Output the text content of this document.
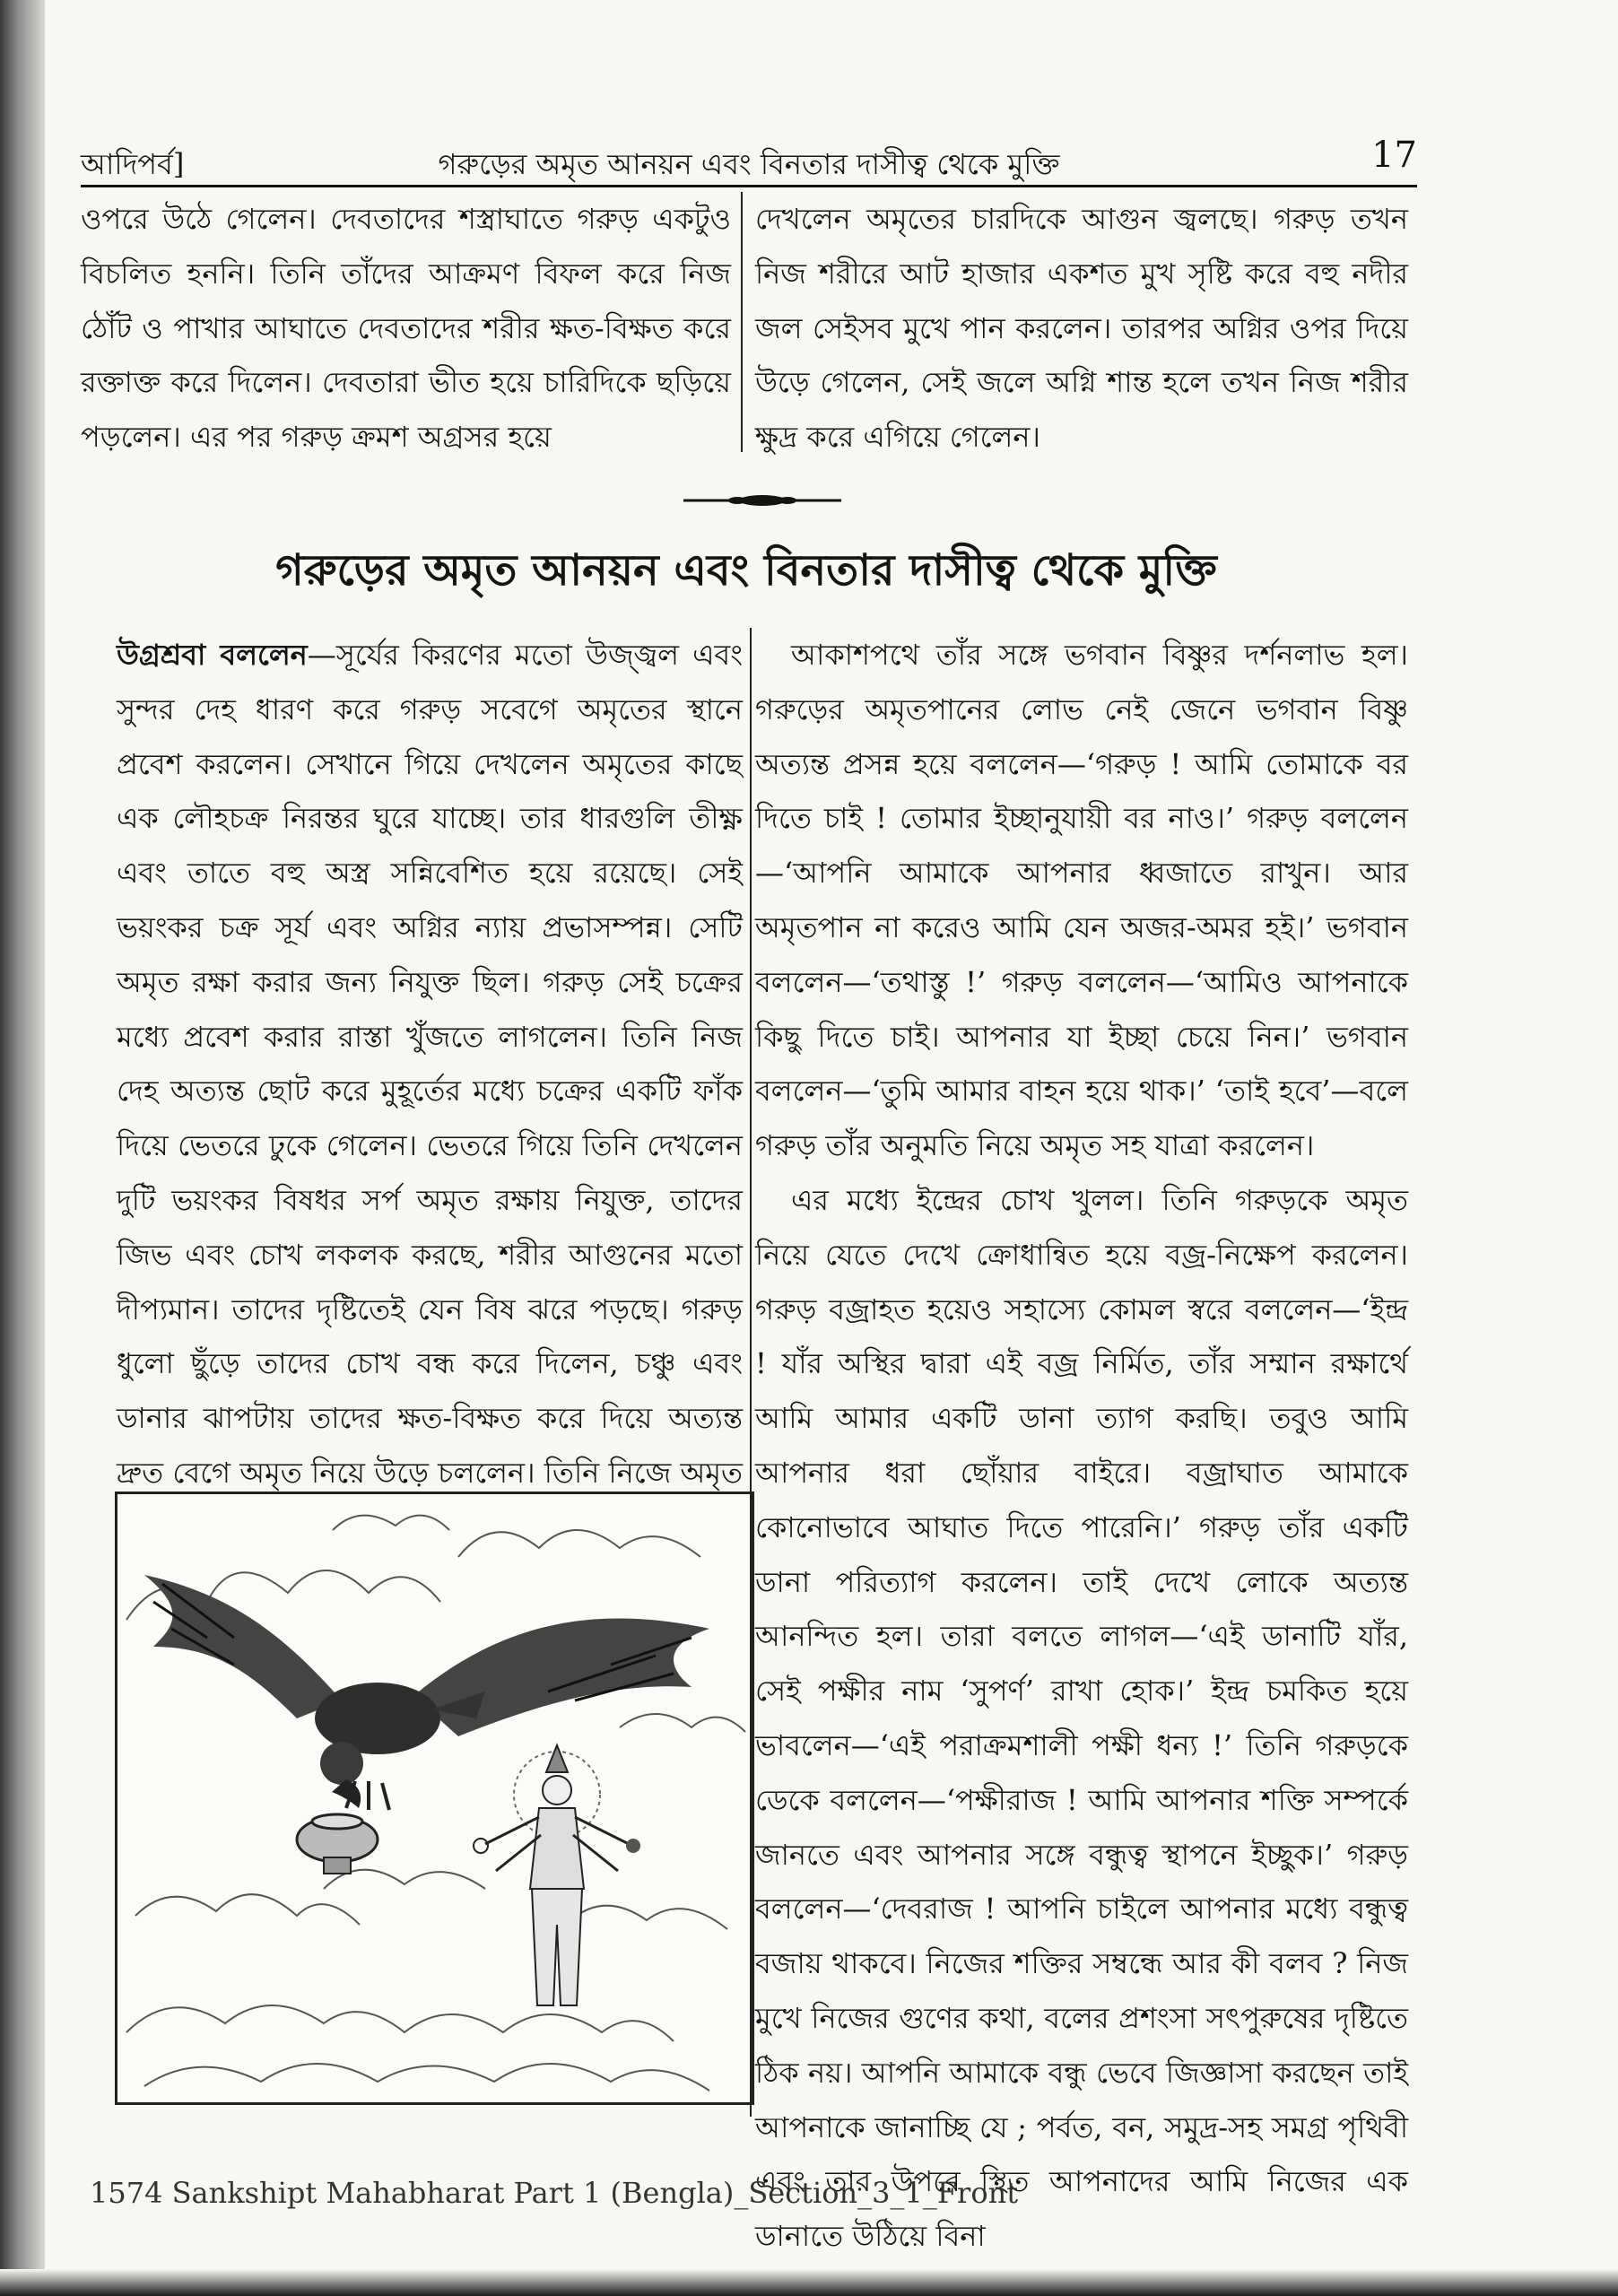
আদিপর্ব]	গরুড়ের অমৃত আনয়ন এবং বিনতার দাসীত্ব থেকে মুক্তি	17

ওপরে উঠে গেলেন। দেবতাদের শস্ত্রাঘাতে গরুড় একটুও বিচলিত হননি। তিনি তাঁদের আক্রমণ বিফল করে নিজ ঠোঁট ও পাখার আঘাতে দেবতাদের শরীর ক্ষত-বিক্ষত করে রক্তাক্ত করে দিলেন। দেবতারা ভীত হয়ে চারিদিকে ছড়িয়ে পড়লেন। এর পর গরুড় ক্রমশ অগ্রসর হয়ে

দেখলেন অমৃতের চারদিকে আগুন জ্বলছে। গরুড় তখন নিজ শরীরে আট হাজার একশত মুখ সৃষ্টি করে বহু নদীর জল সেইসব মুখে পান করলেন। তারপর অগ্নির ওপর দিয়ে উড়ে গেলেন, সেই জলে অগ্নি শান্ত হলে তখন নিজ শরীর ক্ষুদ্র করে এগিয়ে গেলেন।

গরুড়ের অমৃত আনয়ন এবং বিনতার দাসীত্ব থেকে মুক্তি

উগ্রশ্রবা বললেন—সূর্যের কিরণের মতো উজ্জ্বল এবং সুন্দর দেহ ধারণ করে গরুড় সবেগে অমৃতের স্থানে প্রবেশ করলেন। সেখানে গিয়ে দেখলেন অমৃতের কাছে এক লৌহচক্র নিরন্তর ঘুরে যাচ্ছে। তার ধারগুলি তীক্ষ্ণ এবং তাতে বহু অস্ত্র সন্নিবেশিত হয়ে রয়েছে। সেই ভয়ংকর চক্র সূর্য এবং অগ্নির ন্যায় প্রভাসম্পন্ন। সেটি অমৃত রক্ষা করার জন্য নিযুক্ত ছিল। গরুড় সেই চক্রের মধ্যে প্রবেশ করার রাস্তা খুঁজতে লাগলেন। তিনি নিজ দেহ অত্যন্ত ছোট করে মুহূর্তের মধ্যে চক্রের একটি ফাঁক দিয়ে ভেতরে ঢুকে গেলেন। ভেতরে গিয়ে তিনি দেখলেন দুটি ভয়ংকর বিষধর সর্প অমৃত রক্ষায় নিযুক্ত, তাদের জিভ এবং চোখ লকলক করছে, শরীর আগুনের মতো দীপ্যমান। তাদের দৃষ্টিতেই যেন বিষ ঝরে পড়ছে। গরুড় ধুলো ছুঁড়ে তাদের চোখ বন্ধ করে দিলেন, চঞ্চু এবং ডানার ঝাপটায় তাদের ক্ষত-বিক্ষত করে দিয়ে অত্যন্ত দ্রুত বেগে অমৃত নিয়ে উড়ে চললেন। তিনি নিজে অমৃত

আকাশপথে তাঁর সঙ্গে ভগবান বিষ্ণুর দর্শনলাভ হল। গরুড়ের অমৃতপানের লোভ নেই জেনে ভগবান বিষ্ণু অত্যন্ত প্রসন্ন হয়ে বললেন—‘গরুড় ! আমি তোমাকে বর দিতে চাই ! তোমার ইচ্ছানুযায়ী বর নাও।’ গরুড় বললেন—‘আপনি আমাকে আপনার ধ্বজাতে রাখুন। আর অমৃতপান না করেও আমি যেন অজর-অমর হই।’ ভগবান বললেন—‘তথাস্তু !’ গরুড় বললেন—‘আমিও আপনাকে কিছু দিতে চাই। আপনার যা ইচ্ছা চেয়ে নিন।’ ভগবান বললেন—‘তুমি আমার বাহন হয়ে থাক।’ ‘তাই হবে’—বলে গরুড় তাঁর অনুমতি নিয়ে অমৃত সহ যাত্রা করলেন।

এর মধ্যে ইন্দ্রের চোখ খুলল। তিনি গরুড়কে অমৃত নিয়ে যেতে দেখে ক্রোধান্বিত হয়ে বজ্র-নিক্ষেপ করলেন। গরুড় বজ্রাহত হয়েও সহাস্যে কোমল স্বরে বললেন—‘ইন্দ্র ! যাঁর অস্থির দ্বারা এই বজ্র নির্মিত, তাঁর সম্মান রক্ষার্থে আমি আমার একটি ডানা ত্যাগ করছি। তবুও আমি আপনার ধরা ছোঁয়ার বাইরে। বজ্রাঘাত আমাকে কোনোভাবে আঘাত দিতে পারেনি।’ গরুড় তাঁর একটি ডানা পরিত্যাগ করলেন। তাই দেখে লোকে অত্যন্ত আনন্দিত হল। তারা বলতে লাগল—‘এই ডানাটি যাঁর, সেই পক্ষীর নাম ‘সুপর্ণ’ রাখা হোক।’ ইন্দ্র চমকিত হয়ে ভাবলেন—‘এই পরাক্রমশালী পক্ষী ধন্য !’ তিনি গরুড়কে ডেকে বললেন—‘পক্ষীরাজ ! আমি আপনার শক্তি সম্পর্কে জানতে এবং আপনার সঙ্গে বন্ধুত্ব স্থাপনে ইচ্ছুক।’ গরুড় বললেন—‘দেবরাজ ! আপনি চাইলে আপনার মধ্যে বন্ধুত্ব বজায় থাকবে। নিজের শক্তির সম্বন্ধে আর কী বলব ? নিজ মুখে নিজের গুণের কথা, বলের প্রশংসা সৎপুরুষের দৃষ্টিতে ঠিক নয়। আপনি আমাকে বন্ধু ভেবে জিজ্ঞাসা করছেন তাই আপনাকে জানাচ্ছি যে ; পর্বত, বন, সমুদ্র-সহ সমগ্র পৃথিবী এবং তার উপরে স্থিত আপনাদের আমি নিজের এক ডানাতে উঠিয়ে বিনা

1574 Sankshipt Mahabharat Part 1 (Bengla)_Section_3_1_Front
